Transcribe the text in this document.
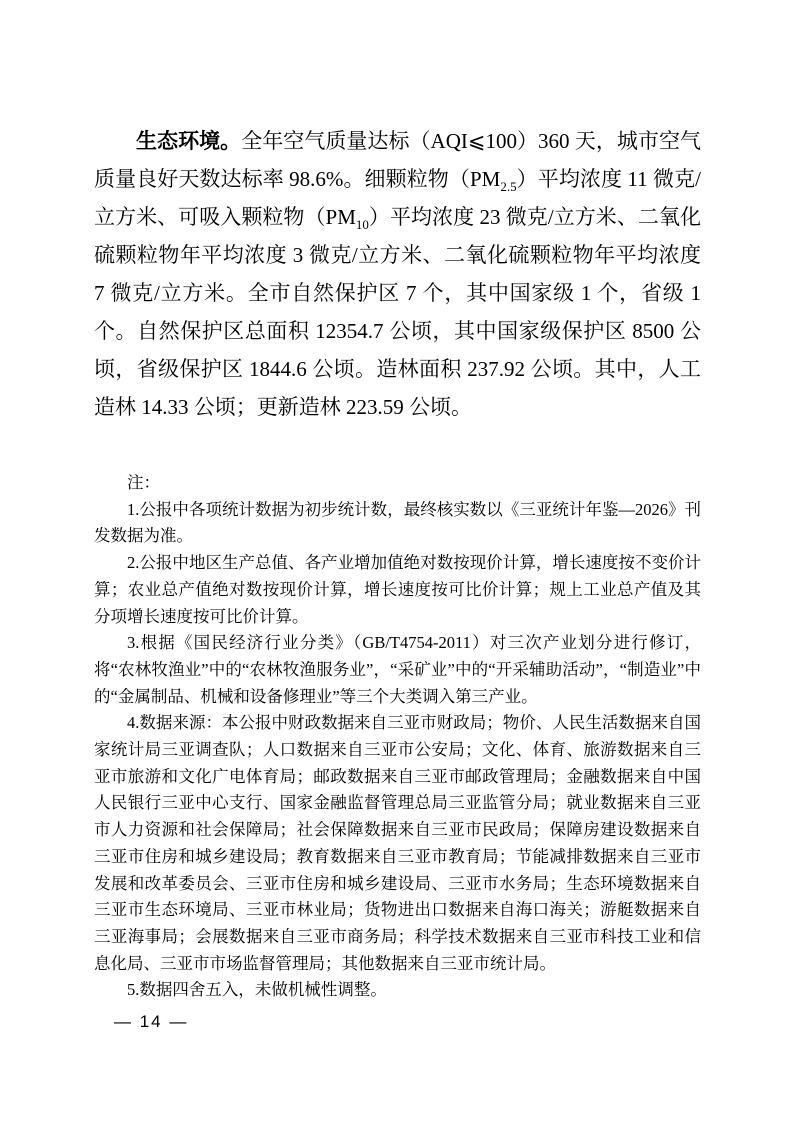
生态环境。全年空气质量达标（AQI⩽100）360 天，城市空气质量良好天数达标率 98.6%。细颗粒物$(PM_{2.5})$平均浓度 11 微克/立方米、可吸入颗粒物$(PM_{10})$平均浓度 23 微克/立方米、二氧化硫颗粒物年平均浓度 3 微克/立方米、二氧化硫颗粒物年平均浓度 7 微克/立方米。全市自然保护区 7 个，其中国家级 1 个，省级 1 个。自然保护区总面积 12354.7 公顷，其中国家级保护区 8500 公顷，省级保护区 1844.6 公顷。造林面积 237.92 公顷。其中，人工造林 14.33 公顷；更新造林 223.59 公顷。

注：

1.公报中各项统计数据为初步统计数，最终核实数以《三亚统计年鉴—2026》刊发数据为准。

2.公报中地区生产总值、各产业增加值绝对数按现价计算，增长速度按不变价计算；农业总产值绝对数按现价计算，增长速度按可比价计算；规上工业总产值及其分项增长速度按可比价计算。

3.根据《国民经济行业分类》（GB/T4754-2011）对三次产业划分进行修订，将“农林牧渔业”中的“农林牧渔服务业”，“采矿业”中的“开采辅助活动”，“制造业”中的“金属制品、机械和设备修理业”等三个大类调入第三产业。

4.数据来源：本公报中财政数据来自三亚市财政局；物价、人民生活数据来自国家统计局三亚调查队；人口数据来自三亚市公安局；文化、体育、旅游数据来自三亚市旅游和文化广电体育局；邮政数据来自三亚市邮政管理局；金融数据来自中国人民银行三亚中心支行、国家金融监督管理总局三亚监管分局；就业数据来自三亚市人力资源和社会保障局；社会保障数据来自三亚市民政局；保障房建设数据来自三亚市住房和城乡建设局；教育数据来自三亚市教育局；节能减排数据来自三亚市发展和改革委员会、三亚市住房和城乡建设局、三亚市水务局；生态环境数据来自三亚市生态环境局、三亚市林业局；货物进出口数据来自海口海关；游艇数据来自三亚海事局；会展数据来自三亚市商务局；科学技术数据来自三亚市科技工业和信息化局、三亚市市场监督管理局；其他数据来自三亚市统计局。

5.数据四舍五入，未做机械性调整。

— 14 —
